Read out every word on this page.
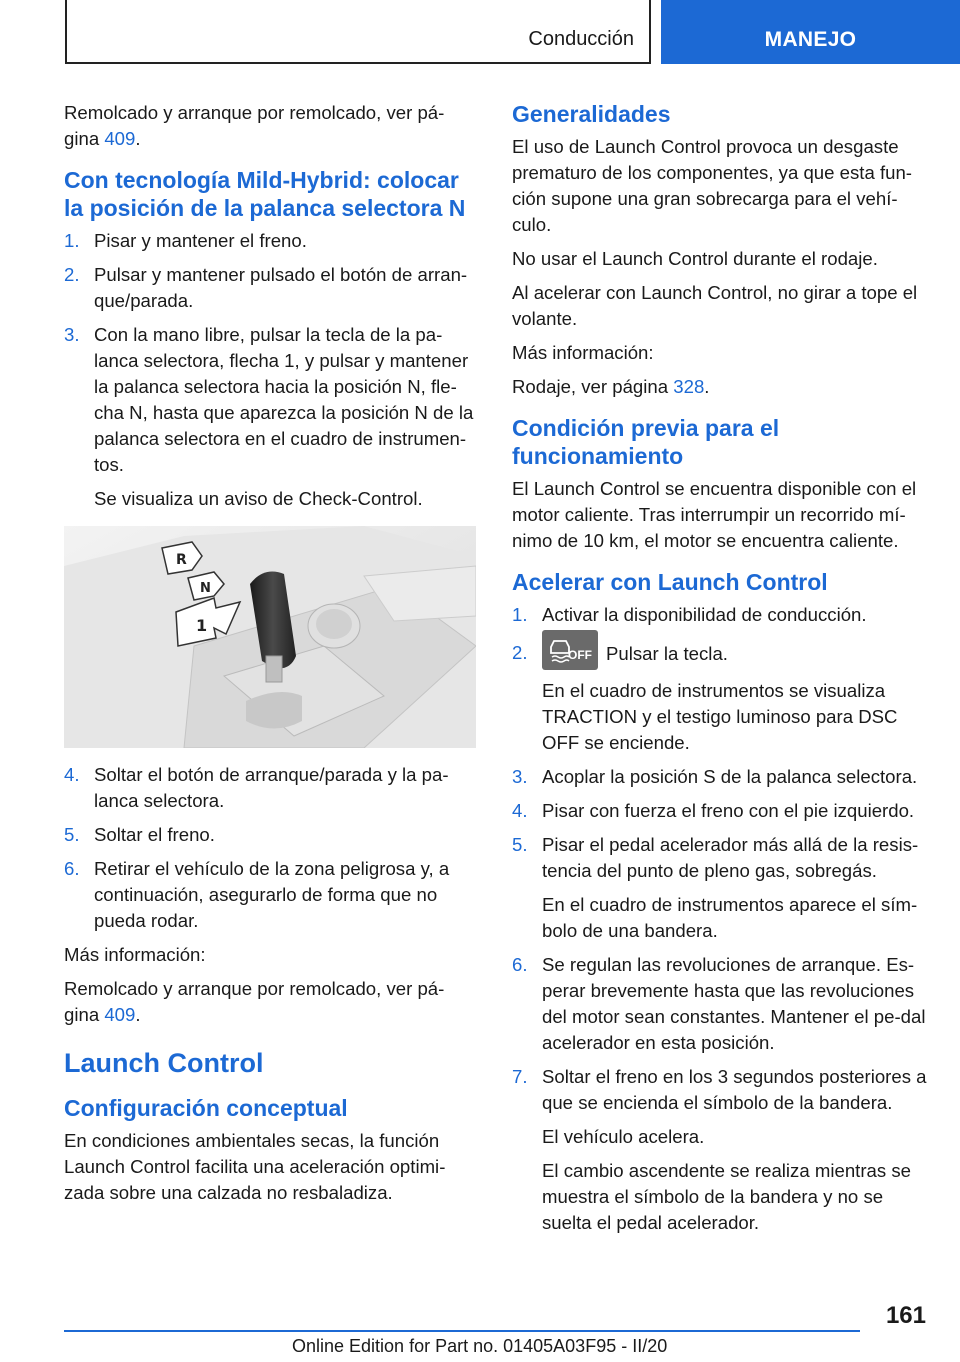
Conducción	MANEJO

Remolcado y arranque por remolcado, ver pá-gina 409.

Con tecnología Mild-Hybrid: colocar la posición de la palanca selectora N
1. Pisar y mantener el freno.
2. Pulsar y mantener pulsado el botón de arran-que/parada.
3. Con la mano libre, pulsar la tecla de la pa-lanca selectora, flecha 1, y pulsar y mantener la palanca selectora hacia la posición N, fle-cha N, hasta que aparezca la posición N de la palanca selectora en el cuadro de instrumen-tos.
Se visualiza un aviso de Check-Control.
R
N
1
4. Soltar el botón de arranque/parada y la pa-lanca selectora.
5. Soltar el freno.
6. Retirar el vehículo de la zona peligrosa y, a continuación, asegurarlo de forma que no pueda rodar.

Más información:

Remolcado y arranque por remolcado, ver pá-gina 409.

Launch Control
Configuración conceptual

En condiciones ambientales secas, la función Launch Control facilita una aceleración optimi-zada sobre una calzada no resbaladiza.

Generalidades

El uso de Launch Control provoca un desgaste prematuro de los componentes, ya que esta fun-ción supone una gran sobrecarga para el vehí-culo.

No usar el Launch Control durante el rodaje.

Al acelerar con Launch Control, no girar a tope el volante.

Más información:

Rodaje, ver página 328.

Condición previa para el funcionamiento

El Launch Control se encuentra disponible con el motor caliente. Tras interrumpir un recorrido mí-nimo de 10 km, el motor se encuentra caliente.

Acelerar con Launch Control
1. Activar la disponibilidad de conducción.
2.	OFF Pulsar la tecla.
En el cuadro de instrumentos se visualiza TRACTION y el testigo luminoso para DSC OFF se enciende.
3. Acoplar la posición S de la palanca selectora.
4. Pisar con fuerza el freno con el pie izquierdo.
5. Pisar el pedal acelerador más allá de la resis-tencia del punto de pleno gas, sobregás.
En el cuadro de instrumentos aparece el sím-bolo de una bandera.
6. Se regulan las revoluciones de arranque. Es-perar brevemente hasta que las revoluciones del motor sean constantes. Mantener el pe-dal acelerador en esta posición.
7. Soltar el freno en los 3 segundos posteriores a que se encienda el símbolo de la bandera.
El vehículo acelera.
El cambio ascendente se realiza mientras se muestra el símbolo de la bandera y no se suelta el pedal acelerador.
161
Online Edition for Part no. 01405A03F95 - II/20
